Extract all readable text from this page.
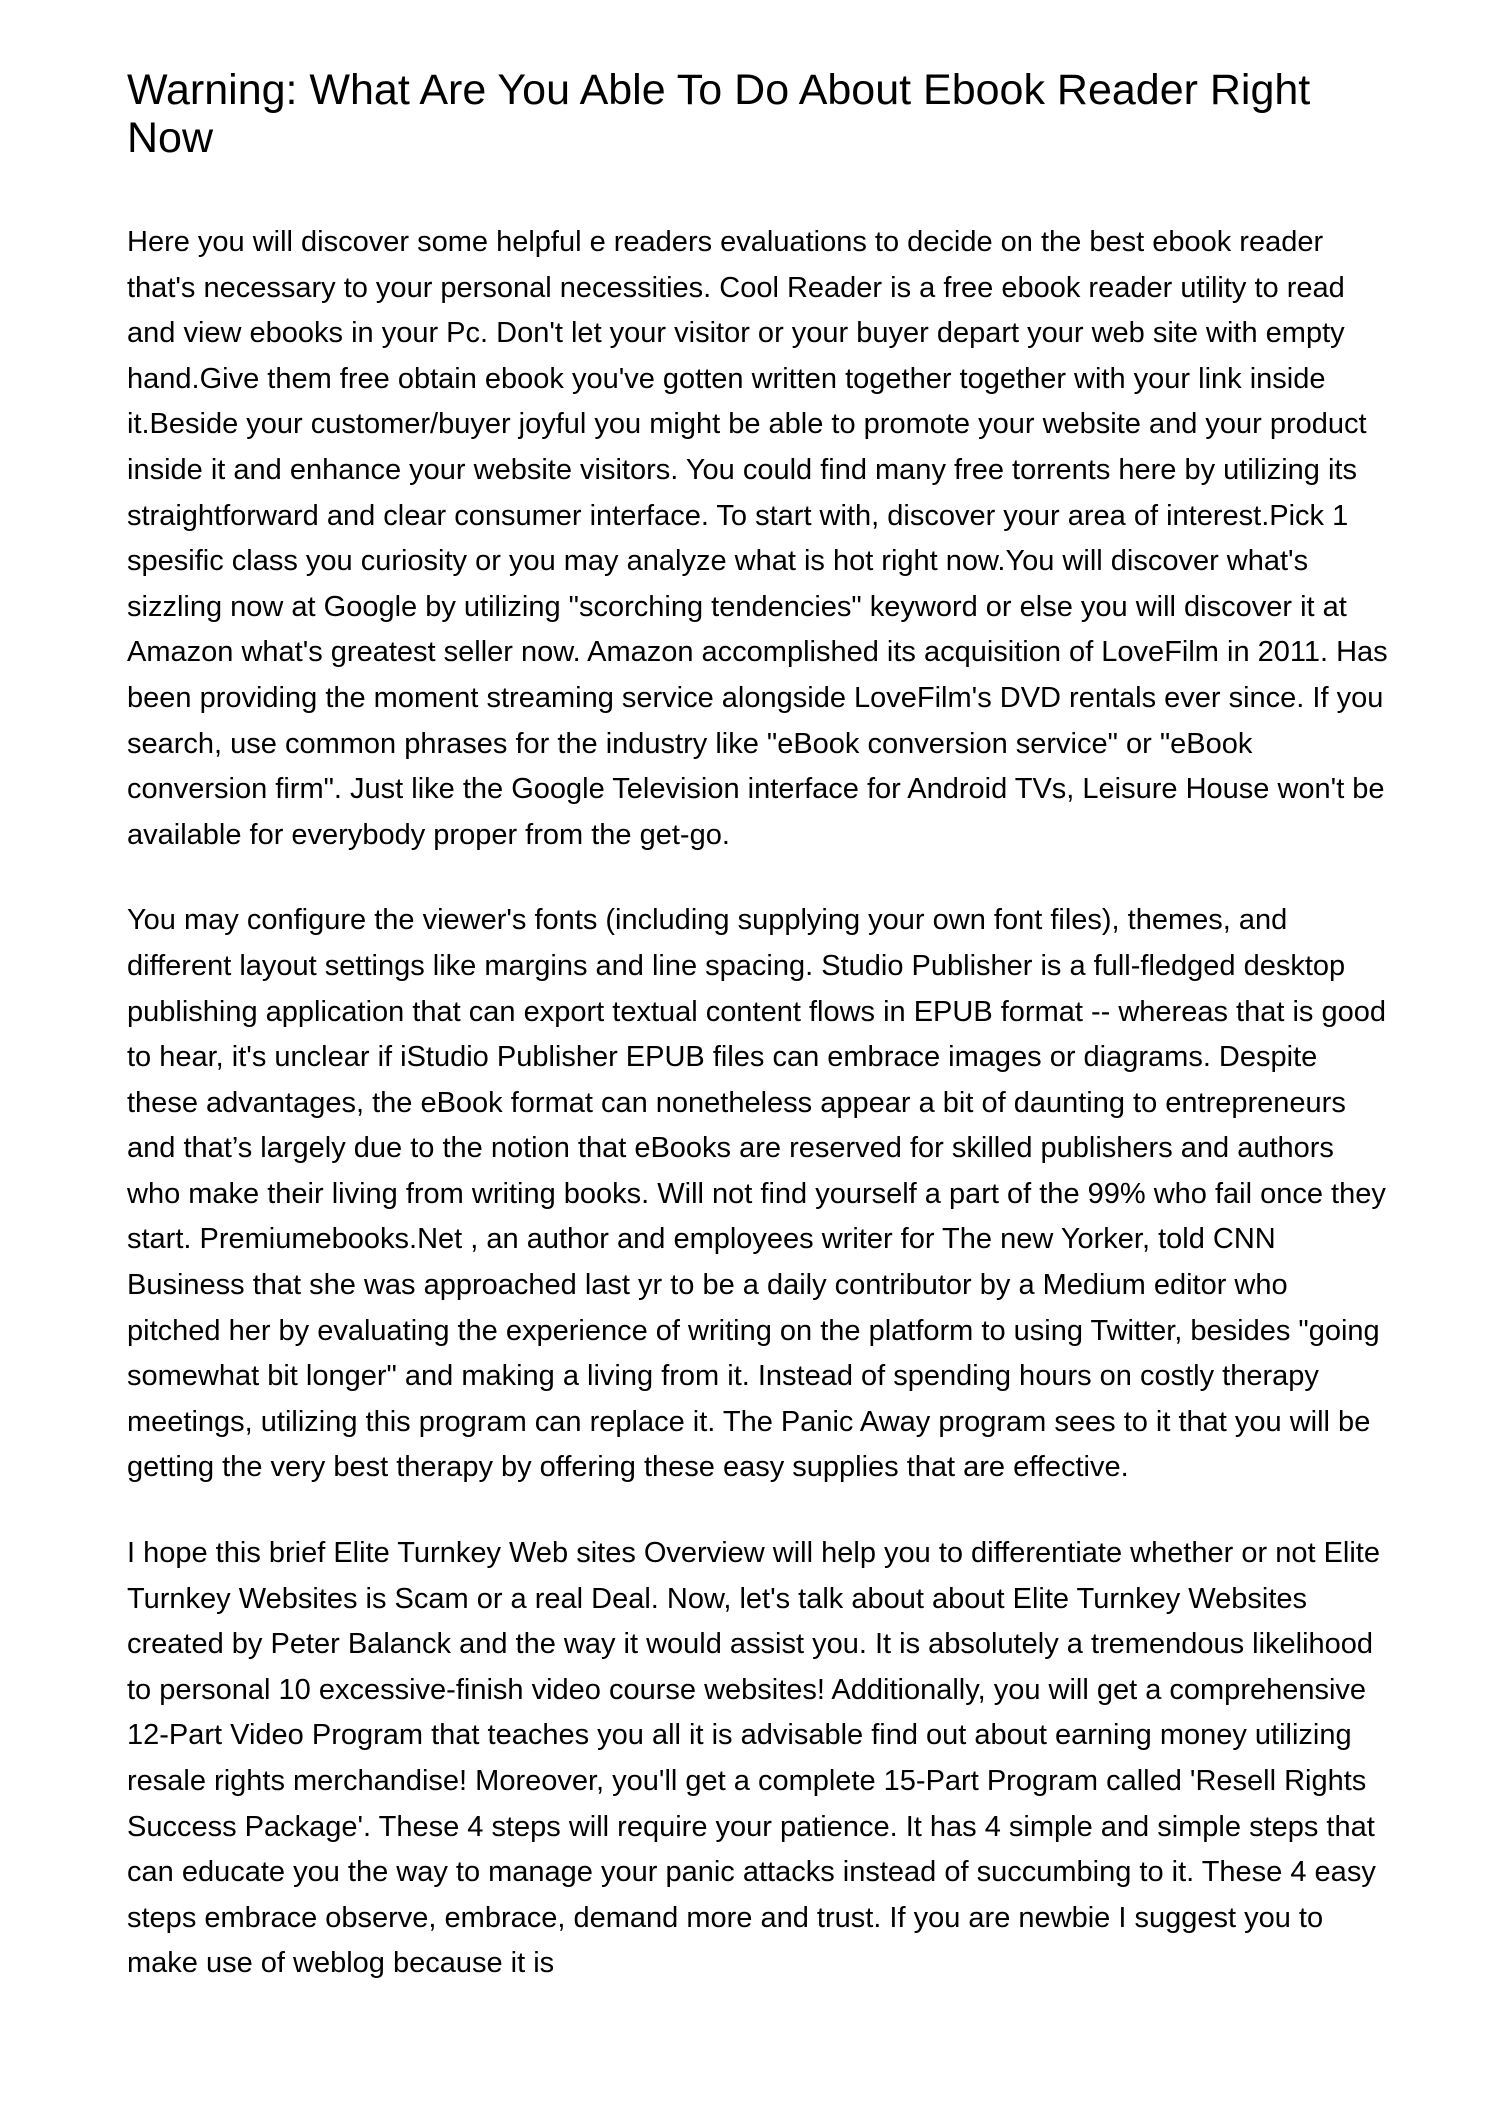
Warning: What Are You Able To Do About Ebook Reader Right Now

Here you will discover some helpful e readers evaluations to decide on the best ebook reader that's necessary to your personal necessities. Cool Reader is a free ebook reader utility to read and view ebooks in your Pc. Don't let your visitor or your buyer depart your web site with empty hand.Give them free obtain ebook you've gotten written together together with your link inside it.Beside your customer/buyer joyful you might be able to promote your website and your product inside it and enhance your website visitors. You could find many free torrents here by utilizing its straightforward and clear consumer interface. To start with, discover your area of interest.Pick 1 spesific class you curiosity or you may analyze what is hot right now.You will discover what's sizzling now at Google by utilizing "scorching tendencies" keyword or else you will discover it at Amazon what's greatest seller now. Amazon accomplished its acquisition of LoveFilm in 2011. Has been providing the moment streaming service alongside LoveFilm's DVD rentals ever since. If you search, use common phrases for the industry like "eBook conversion service" or "eBook conversion firm". Just like the Google Television interface for Android TVs, Leisure House won't be available for everybody proper from the get-go.

You may configure the viewer's fonts (including supplying your own font files), themes, and different layout settings like margins and line spacing. Studio Publisher is a full-fledged desktop publishing application that can export textual content flows in EPUB format -- whereas that is good to hear, it's unclear if iStudio Publisher EPUB files can embrace images or diagrams. Despite these advantages, the eBook format can nonetheless appear a bit of daunting to entrepreneurs and that’s largely due to the notion that eBooks are reserved for skilled publishers and authors who make their living from writing books. Will not find yourself a part of the 99% who fail once they start. Premiumebooks.Net , an author and employees writer for The new Yorker, told CNN Business that she was approached last yr to be a daily contributor by a Medium editor who pitched her by evaluating the experience of writing on the platform to using Twitter, besides "going somewhat bit longer" and making a living from it. Instead of spending hours on costly therapy meetings, utilizing this program can replace it. The Panic Away program sees to it that you will be getting the very best therapy by offering these easy supplies that are effective.

I hope this brief Elite Turnkey Web sites Overview will help you to differentiate whether or not Elite Turnkey Websites is Scam or a real Deal. Now, let's talk about about Elite Turnkey Websites created by Peter Balanck and the way it would assist you. It is absolutely a tremendous likelihood to personal 10 excessive-finish video course websites! Additionally, you will get a comprehensive 12-Part Video Program that teaches you all it is advisable find out about earning money utilizing resale rights merchandise! Moreover, you'll get a complete 15-Part Program called 'Resell Rights Success Package'. These 4 steps will require your patience. It has 4 simple and simple steps that can educate you the way to manage your panic attacks instead of succumbing to it. These 4 easy steps embrace observe, embrace, demand more and trust. If you are newbie I suggest you to make use of weblog because it is
